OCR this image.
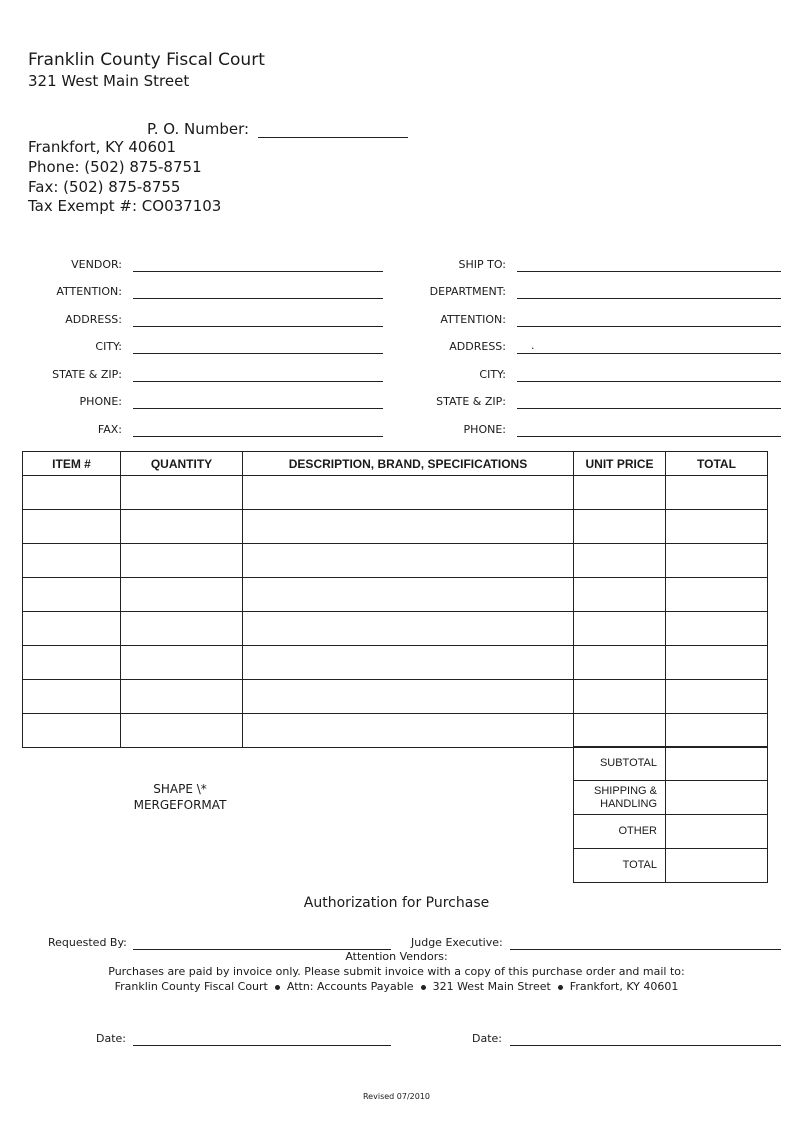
Franklin County Fiscal Court
321 West Main Street
P. O. Number:
Frankfort, KY 40601
Phone: (502) 875-8751
Fax: (502) 875-8755
Tax Exempt #: CO037103
VENDOR:
ATTENTION:
ADDRESS:
CITY:
STATE & ZIP:
PHONE:
FAX:
SHIP TO:
DEPARTMENT:
ATTENTION:
ADDRESS: .
CITY:
STATE & ZIP:
PHONE:
ITEM #	QUANTITY	DESCRIPTION, BRAND, SPECIFICATIONS	UNIT PRICE	TOTAL

SUBTOTAL	

SHIPPING &
HANDLING	

OTHER	
TOTAL	
SHAPE \*
MERGEFORMAT
Authorization for Purchase
Requested By:	Judge Executive:
Attention Vendors:
Purchases are paid by invoice only. Please submit invoice with a copy of this purchase order and mail to:
Franklin County Fiscal Court Attn: Accounts Payable 321 West Main Street Frankfort, KY 40601
Date:	Date:
Revised 07/2010
